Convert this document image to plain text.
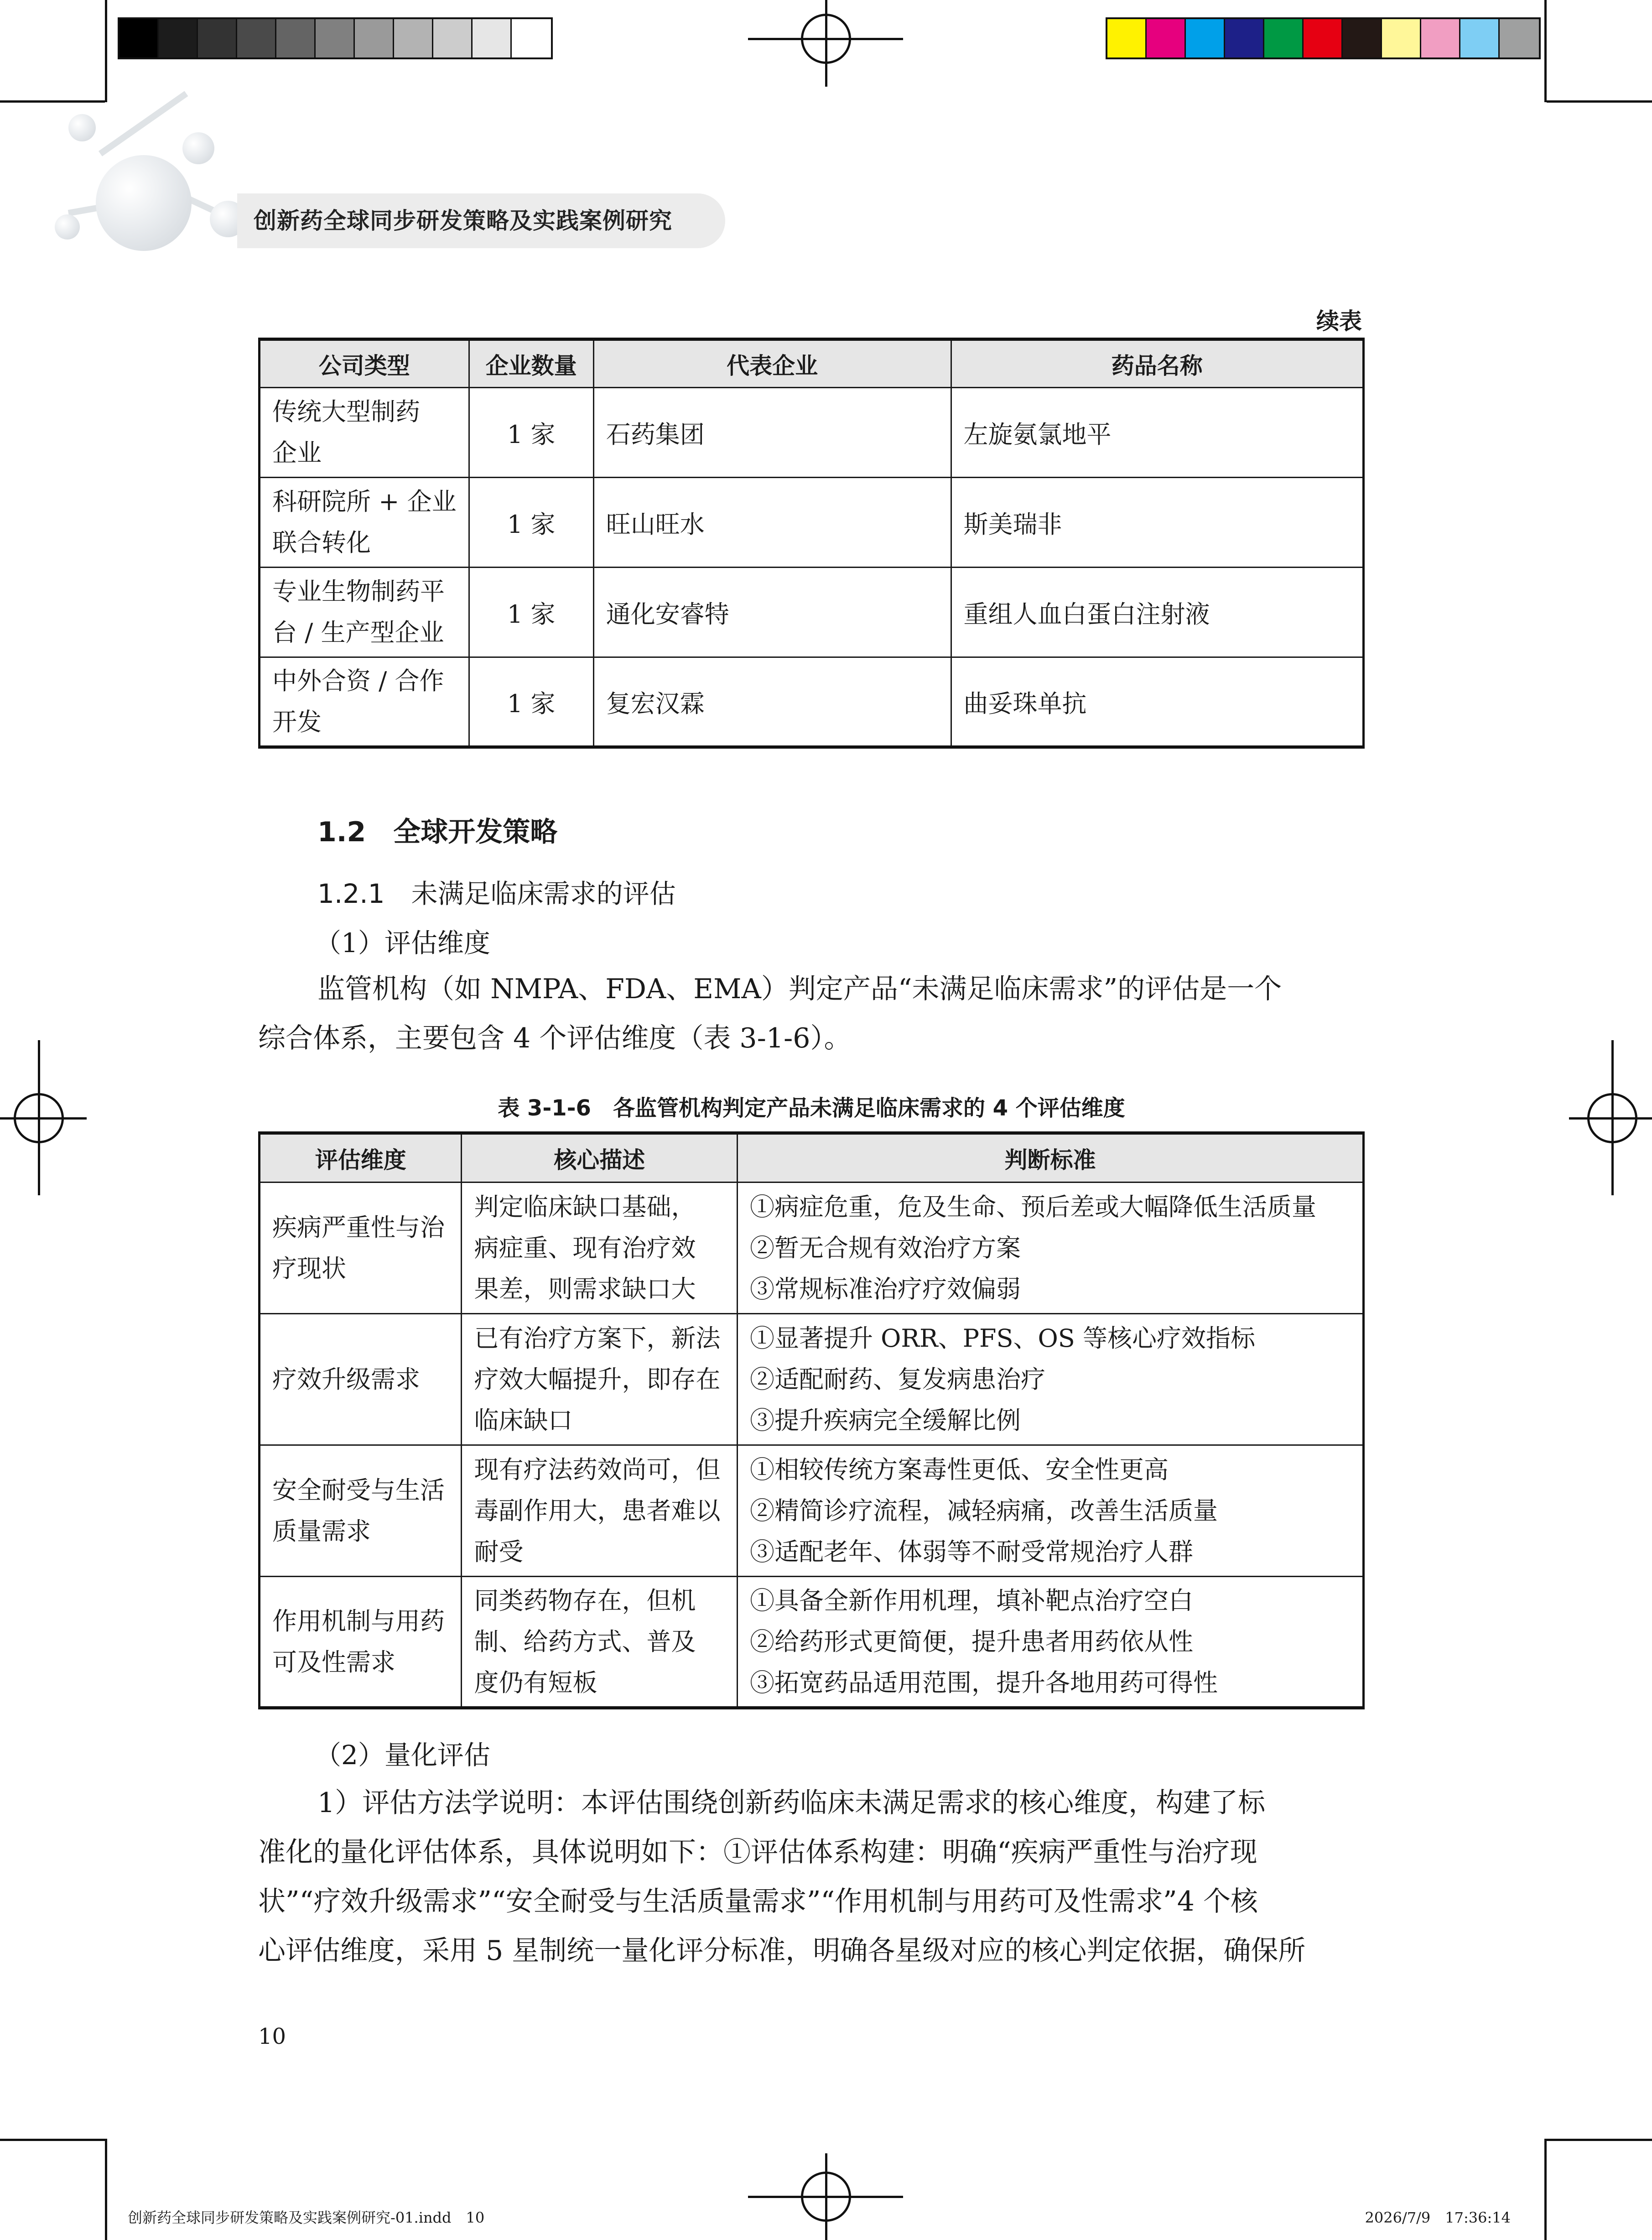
创新药全球同步研发策略及实践案例研究
续表
公司类型	企业数量	代表企业	药品名称

传统大型制药
企业	1 家	石药集团	左旋氨氯地平

科研院所 + 企业
联合转化	1 家	旺山旺水	斯美瑞非

专业生物制药平
台 / 生产型企业	1 家	通化安睿特	重组人血白蛋白注射液

中外合资 / 合作
开发	1 家	复宏汉霖	曲妥珠单抗
1.2　全球开发策略
1.2.1　未满足临床需求的评估
（1）评估维度
监管机构（如 NMPA、FDA、EMA）判定产品“未满足临床需求”的评估是一个
综合体系，主要包含 4 个评估维度（表 3-1-6）。
表 3-1-6　各监管机构判定产品未满足临床需求的 4 个评估维度
评估维度	核心描述	判断标准

疾病严重性与治
疗现状	判定临床缺口基础，
病症重、现有治疗效
果差，则需求缺口大	①病症危重，危及生命、预后差或大幅降低生活质量
②暂无合规有效治疗方案
③常规标准治疗疗效偏弱

疗效升级需求	已有治疗方案下，新法
疗效大幅提升，即存在
临床缺口	①显著提升 ORR、PFS、OS 等核心疗效指标
②适配耐药、复发病患治疗
③提升疾病完全缓解比例

安全耐受与生活
质量需求	现有疗法药效尚可，但
毒副作用大，患者难以
耐受	①相较传统方案毒性更低、安全性更高
②精简诊疗流程，减轻病痛，改善生活质量
③适配老年、体弱等不耐受常规治疗人群

作用机制与用药
可及性需求	同类药物存在，但机
制、给药方式、普及
度仍有短板	①具备全新作用机理，填补靶点治疗空白
②给药形式更简便，提升患者用药依从性
③拓宽药品适用范围，提升各地用药可得性
（2）量化评估
1）评估方法学说明：本评估围绕创新药临床未满足需求的核心维度，构建了标
准化的量化评估体系，具体说明如下：①评估体系构建：明确“疾病严重性与治疗现
状”“疗效升级需求”“安全耐受与生活质量需求”“作用机制与用药可及性需求”4 个核
心评估维度，采用 5 星制统一量化评分标准，明确各星级对应的核心判定依据，确保所
10
创新药全球同步研发策略及实践案例研究-01.indd　10	2026/7/9　17:36:14
